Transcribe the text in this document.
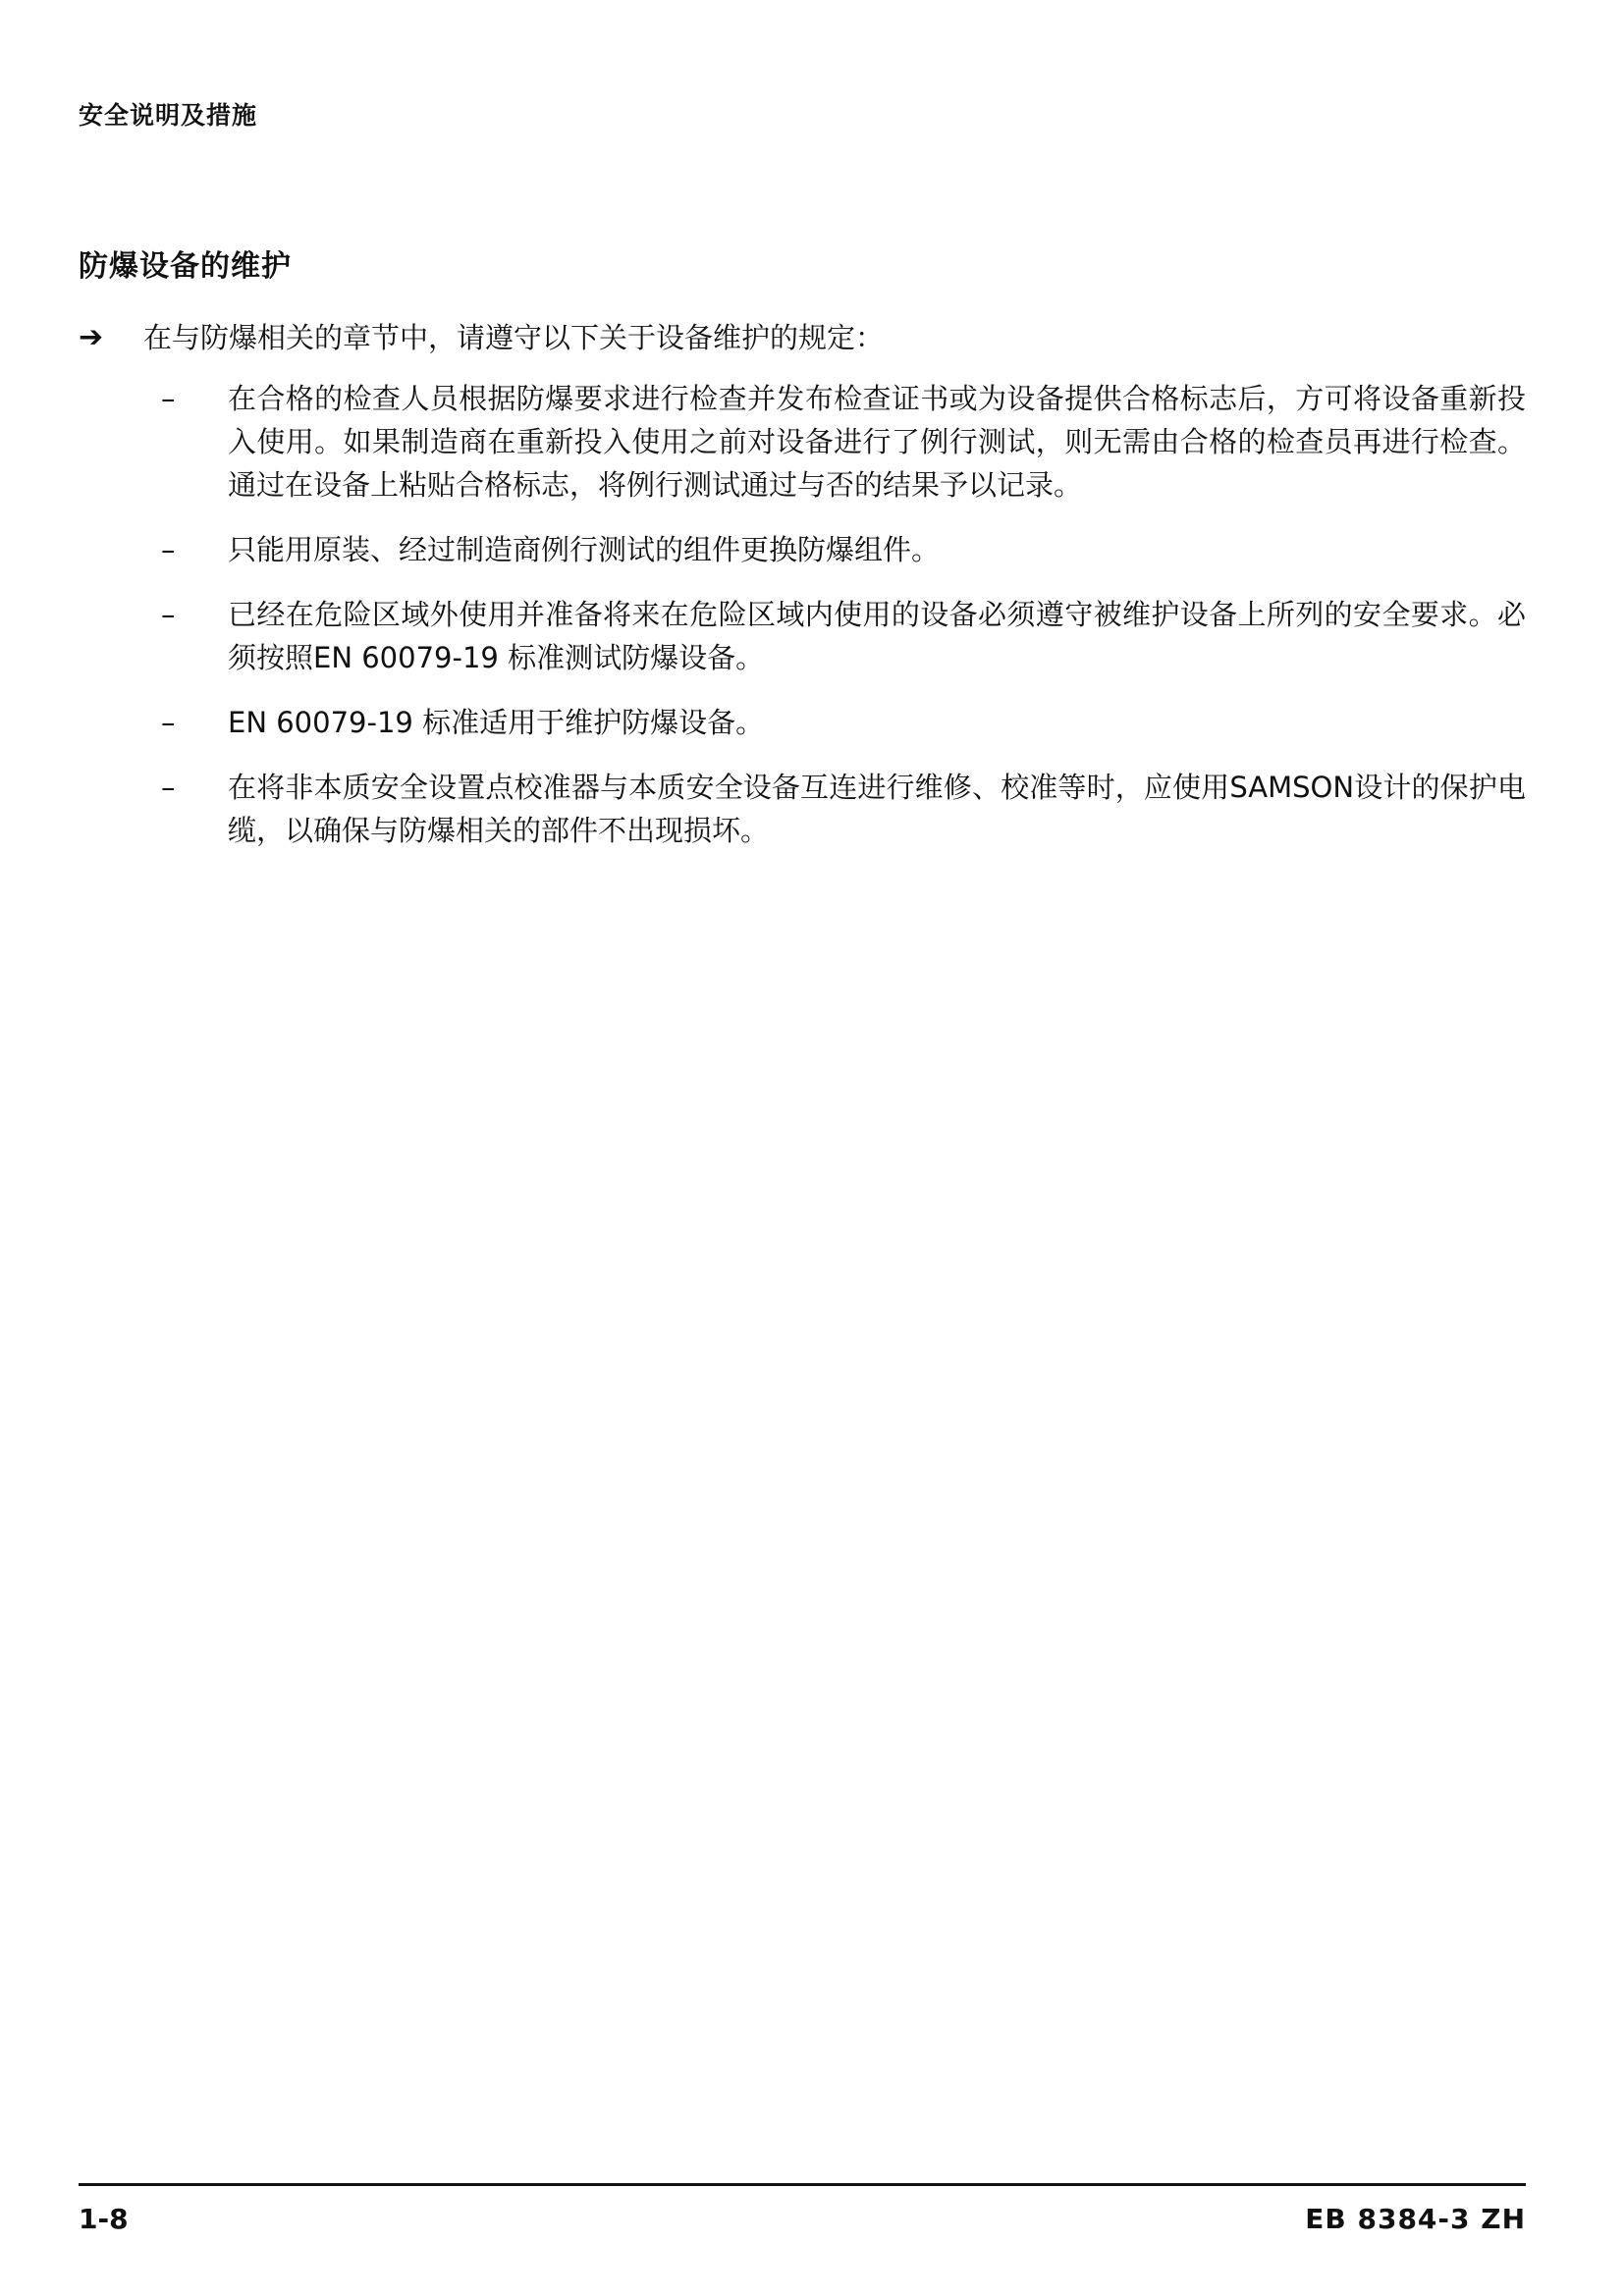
安全说明及措施
防爆设备的维护
➔ 在与防爆相关的章节中，请遵守以下关于设备维护的规定：
– 在合格的检查人员根据防爆要求进行检查并发布检查证书或为设备提供合格标志后，方可将设备重新投入使用。如果制造商在重新投入使用之前对设备进行了例行测试，则无需由合格的检查员再进行检查。通过在设备上粘贴合格标志，将例行测试通过与否的结果予以记录。
– 只能用原装、经过制造商例行测试的组件更换防爆组件。
– 已经在危险区域外使用并准备将来在危险区域内使用的设备必须遵守被维护设备上所列的安全要求。必须按照EN 60079-19 标准测试防爆设备。
– EN 60079-19 标准适用于维护防爆设备。
– 在将非本质安全设置点校准器与本质安全设备互连进行维修、校准等时，应使用SAMSON设计的保护电缆，以确保与防爆相关的部件不出现损坏。
1-8	EB 8384-3 ZH
